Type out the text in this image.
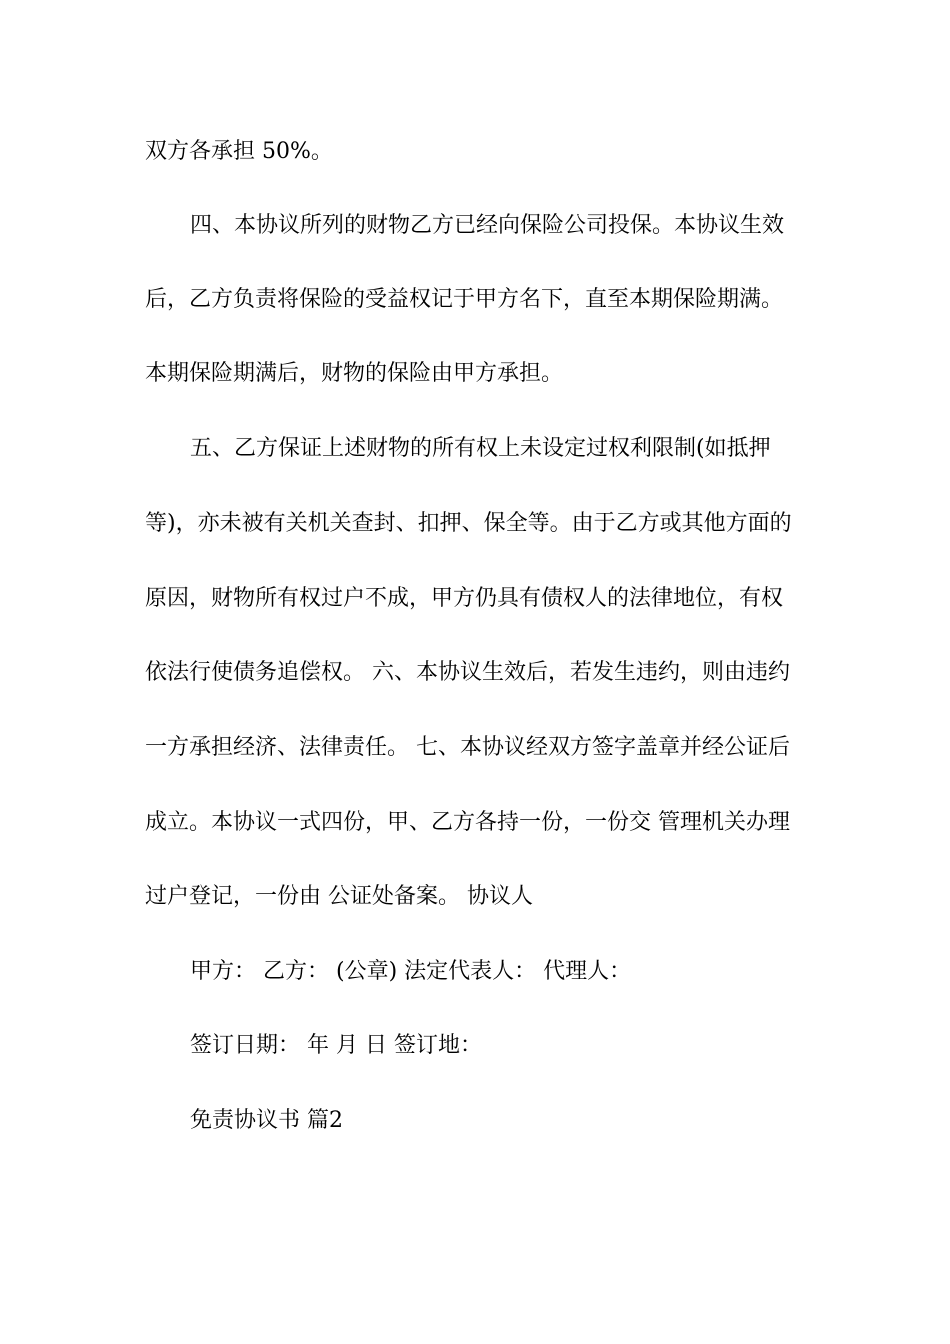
双方各承担 50%。
四、本协议所列的财物乙方已经向保险公司投保。本协议生效
后，乙方负责将保险的受益权记于甲方名下，直至本期保险期满。
本期保险期满后，财物的保险由甲方承担。
五、乙方保证上述财物的所有权上未设定过权利限制(如抵押
等)，亦未被有关机关查封、扣押、保全等。由于乙方或其他方面的
原因，财物所有权过户不成，甲方仍具有债权人的法律地位，有权
依法行使债务追偿权。 六、本协议生效后，若发生违约，则由违约
一方承担经济、法律责任。 七、本协议经双方签字盖章并经公证后
成立。本协议一式四份，甲、乙方各持一份，一份交 管理机关办理
过户登记，一份由 公证处备案。 协议人
甲方： 乙方： (公章) 法定代表人： 代理人：
签订日期： 年 月 日 签订地：
免责协议书 篇2
